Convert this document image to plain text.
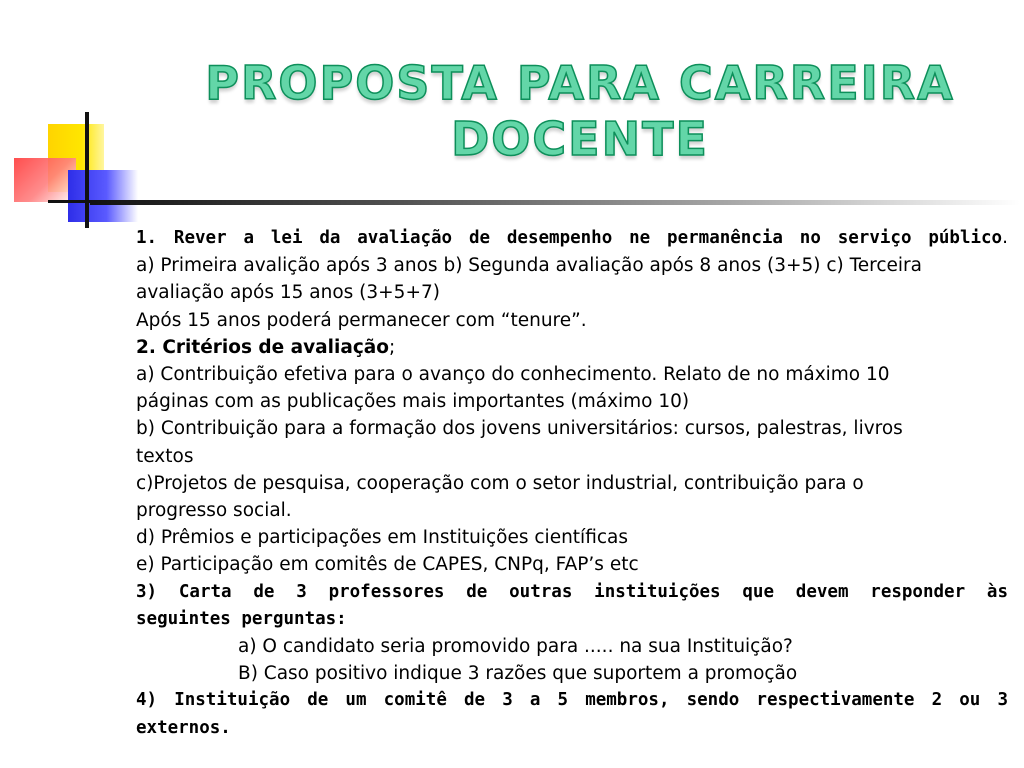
PROPOSTA PARA CARREIRA
DOCENTE

1. Rever a lei da avaliação de desempenho ne permanência no serviço público.

a) Primeira avalição após 3 anos b) Segunda avaliação após 8 anos (3+5) c) Terceira

avaliação após 15 anos (3+5+7)

Após 15 anos poderá permanecer com “tenure”.

2. Critérios de avaliação;

a) Contribuição efetiva para o avanço do conhecimento. Relato de no máximo 10

páginas com as publicações mais importantes (máximo 10)

b) Contribuição para a formação dos jovens universitários: cursos, palestras, livros

textos

c)Projetos de pesquisa, cooperação com o setor industrial, contribuição para o

progresso social.

d) Prêmios e participações em Instituições científicas

e) Participação em comitês de CAPES, CNPq, FAP’s etc

3) Carta de 3 professores de outras instituições que devem responder às

seguintes perguntas:

a) O candidato seria promovido para ..... na sua Instituição?

B) Caso positivo indique 3 razões que suportem a promoção

4) Instituição de um comitê de 3 a 5 membros, sendo respectivamente 2 ou 3

externos.
